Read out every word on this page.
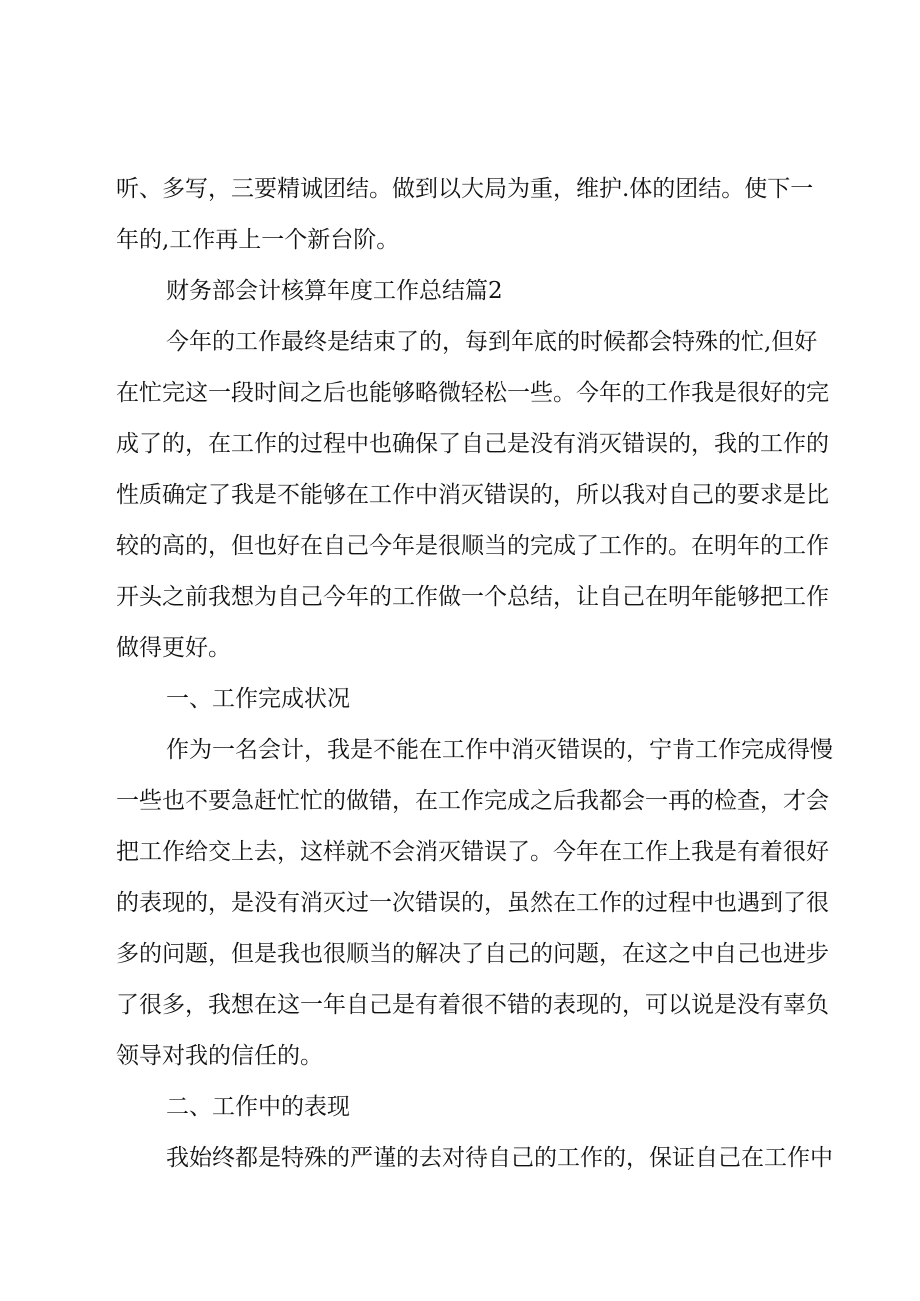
听、多写，三要精诚团结。做到以大局为重，维护.体的团结。使下一
年的,工作再上一个新台阶。
财务部会计核算年度工作总结篇2
今年的工作最终是结束了的，每到年底的时候都会特殊的忙,但好
在忙完这一段时间之后也能够略微轻松一些。今年的工作我是很好的完
成了的，在工作的过程中也确保了自己是没有消灭错误的，我的工作的
性质确定了我是不能够在工作中消灭错误的，所以我对自己的要求是比
较的高的，但也好在自己今年是很顺当的完成了工作的。在明年的工作
开头之前我想为自己今年的工作做一个总结，让自己在明年能够把工作
做得更好。
一、工作完成状况
作为一名会计，我是不能在工作中消灭错误的，宁肯工作完成得慢
一些也不要急赶忙忙的做错，在工作完成之后我都会一再的检查，才会
把工作给交上去，这样就不会消灭错误了。今年在工作上我是有着很好
的表现的，是没有消灭过一次错误的，虽然在工作的过程中也遇到了很
多的问题，但是我也很顺当的解决了自己的问题，在这之中自己也进步
了很多，我想在这一年自己是有着很不错的表现的，可以说是没有辜负
领导对我的信任的。
二、工作中的表现
我始终都是特殊的严谨的去对待自己的工作的，保证自己在工作中
